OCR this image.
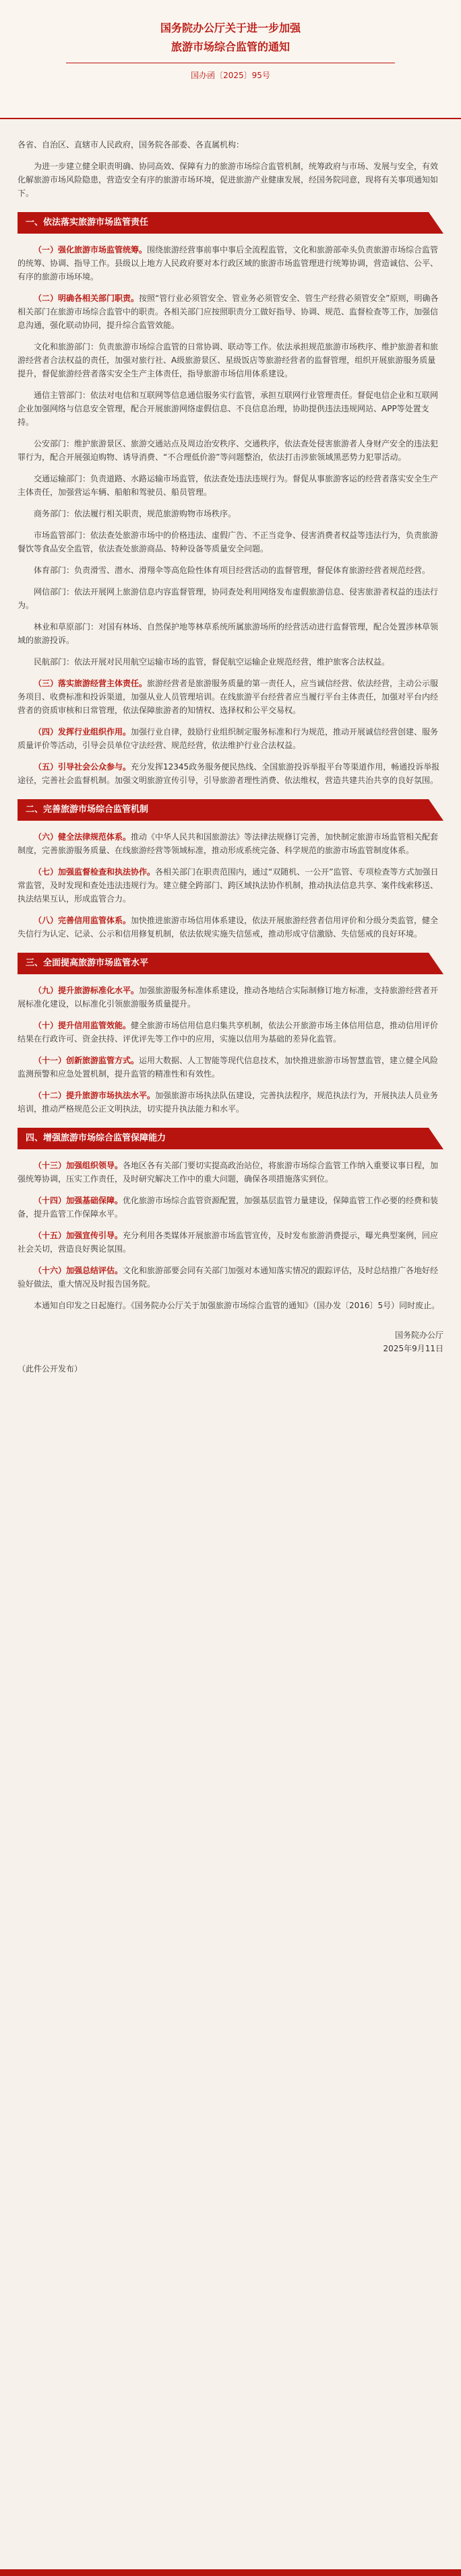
国务院办公厅关于进一步加强
旅游市场综合监管的通知
国办函〔2025〕95号

各省、自治区、直辖市人民政府，国务院各部委、各直属机构：

为进一步建立健全职责明确、协同高效、保障有力的旅游市场综合监管机制，统筹政府与市场、发展与安全，有效化解旅游市场风险隐患，营造安全有序的旅游市场环境，促进旅游产业健康发展，经国务院同意，现将有关事项通知如下。

一、依法落实旅游市场监管责任

（一）强化旅游市场监管统筹。围绕旅游经营事前事中事后全流程监管，文化和旅游部牵头负责旅游市场综合监管的统筹、协调、指导工作。县级以上地方人民政府要对本行政区域的旅游市场监管理进行统筹协调，营造诚信、公平、有序的旅游市场环境。

（二）明确各相关部门职责。按照“管行业必须管安全、管业务必须管安全、管生产经营必须管安全”原则，明确各相关部门在旅游市场综合监管中的职责。各相关部门应按照职责分工做好指导、协调、规范、监督检查等工作，加强信息沟通，强化联动协同，提升综合监管效能。

文化和旅游部门：负责旅游市场综合监管的日常协调、联动等工作。依法承担规范旅游市场秩序、维护旅游者和旅游经营者合法权益的责任，加强对旅行社、A级旅游景区、星级饭店等旅游经营者的监督管理，组织开展旅游服务质量提升，督促旅游经营者落实安全生产主体责任，指导旅游市场信用体系建设。

通信主管部门：依法对电信和互联网等信息通信服务实行监管，承担互联网行业管理责任。督促电信企业和互联网企业加强网络与信息安全管理，配合开展旅游网络虚假信息、不良信息治理，协助提供违法违规网站、APP等处置支持。

公安部门：维护旅游景区、旅游交通站点及周边治安秩序、交通秩序，依法查处侵害旅游者人身财产安全的违法犯罪行为，配合开展强迫购物、诱导消费、“不合理低价游”等问题整治，依法打击涉旅领域黑恶势力犯罪活动。

交通运输部门：负责道路、水路运输市场监管，依法查处违法违规行为。督促从事旅游客运的经营者落实安全生产主体责任，加强营运车辆、船舶和驾驶员、船员管理。

商务部门：依法履行相关职责，规范旅游购物市场秩序。

市场监管部门：依法查处旅游市场中的价格违法、虚假广告、不正当竞争、侵害消费者权益等违法行为，负责旅游餐饮等食品安全监管，依法查处旅游商品、特种设备等质量安全问题。

体育部门：负责滑雪、潜水、滑翔伞等高危险性体育项目经营活动的监督管理，督促体育旅游经营者规范经营。

网信部门：依法开展网上旅游信息内容监督管理，协同查处利用网络发布虚假旅游信息、侵害旅游者权益的违法行为。

林业和草原部门：对国有林场、自然保护地等林草系统所属旅游场所的经营活动进行监督管理，配合处置涉林草领域的旅游投诉。

民航部门：依法开展对民用航空运输市场的监管，督促航空运输企业规范经营，维护旅客合法权益。

（三）落实旅游经营主体责任。旅游经营者是旅游服务质量的第一责任人，应当诚信经营、依法经营，主动公示服务项目、收费标准和投诉渠道，加强从业人员管理培训。在线旅游平台经营者应当履行平台主体责任，加强对平台内经营者的资质审核和日常管理，依法保障旅游者的知情权、选择权和公平交易权。

（四）发挥行业组织作用。加强行业自律，鼓励行业组织制定服务标准和行为规范，推动开展诚信经营创建、服务质量评价等活动，引导会员单位守法经营、规范经营，依法维护行业合法权益。

（五）引导社会公众参与。充分发挥12345政务服务便民热线、全国旅游投诉举报平台等渠道作用，畅通投诉举报途径，完善社会监督机制。加强文明旅游宣传引导，引导旅游者理性消费、依法维权，营造共建共治共享的良好氛围。

二、完善旅游市场综合监管机制

（六）健全法律规范体系。推动《中华人民共和国旅游法》等法律法规修订完善，加快制定旅游市场监管相关配套制度，完善旅游服务质量、在线旅游经营等领域标准，推动形成系统完备、科学规范的旅游市场监管制度体系。

（七）加强监督检查和执法协作。各相关部门在职责范围内，通过“双随机、一公开”监管、专项检查等方式加强日常监管，及时发现和查处违法违规行为。建立健全跨部门、跨区域执法协作机制，推动执法信息共享、案件线索移送、执法结果互认，形成监管合力。

（八）完善信用监管体系。加快推进旅游市场信用体系建设，依法开展旅游经营者信用评价和分级分类监管，健全失信行为认定、记录、公示和信用修复机制，依法依规实施失信惩戒，推动形成守信激励、失信惩戒的良好环境。

三、全面提高旅游市场监管水平

（九）提升旅游标准化水平。加强旅游服务标准体系建设，推动各地结合实际制修订地方标准，支持旅游经营者开展标准化建设，以标准化引领旅游服务质量提升。

（十）提升信用监管效能。健全旅游市场信用信息归集共享机制，依法公开旅游市场主体信用信息，推动信用评价结果在行政许可、资金扶持、评优评先等工作中的应用，实施以信用为基础的差异化监管。

（十一）创新旅游监管方式。运用大数据、人工智能等现代信息技术，加快推进旅游市场智慧监管，建立健全风险监测预警和应急处置机制，提升监管的精准性和有效性。

（十二）提升旅游市场执法水平。加强旅游市场执法队伍建设，完善执法程序，规范执法行为，开展执法人员业务培训，推动严格规范公正文明执法，切实提升执法能力和水平。

四、增强旅游市场综合监管保障能力

（十三）加强组织领导。各地区各有关部门要切实提高政治站位，将旅游市场综合监管工作纳入重要议事日程，加强统筹协调，压实工作责任，及时研究解决工作中的重大问题，确保各项措施落实到位。

（十四）加强基础保障。优化旅游市场综合监管资源配置，加强基层监管力量建设，保障监管工作必要的经费和装备，提升监管工作保障水平。

（十五）加强宣传引导。充分利用各类媒体开展旅游市场监管宣传，及时发布旅游消费提示，曝光典型案例，回应社会关切，营造良好舆论氛围。

（十六）加强总结评估。文化和旅游部要会同有关部门加强对本通知落实情况的跟踪评估，及时总结推广各地好经验好做法，重大情况及时报告国务院。

本通知自印发之日起施行。《国务院办公厅关于加强旅游市场综合监管的通知》（国办发〔2016〕5号）同时废止。

国务院办公厅
2025年9月11日
（此件公开发布）
